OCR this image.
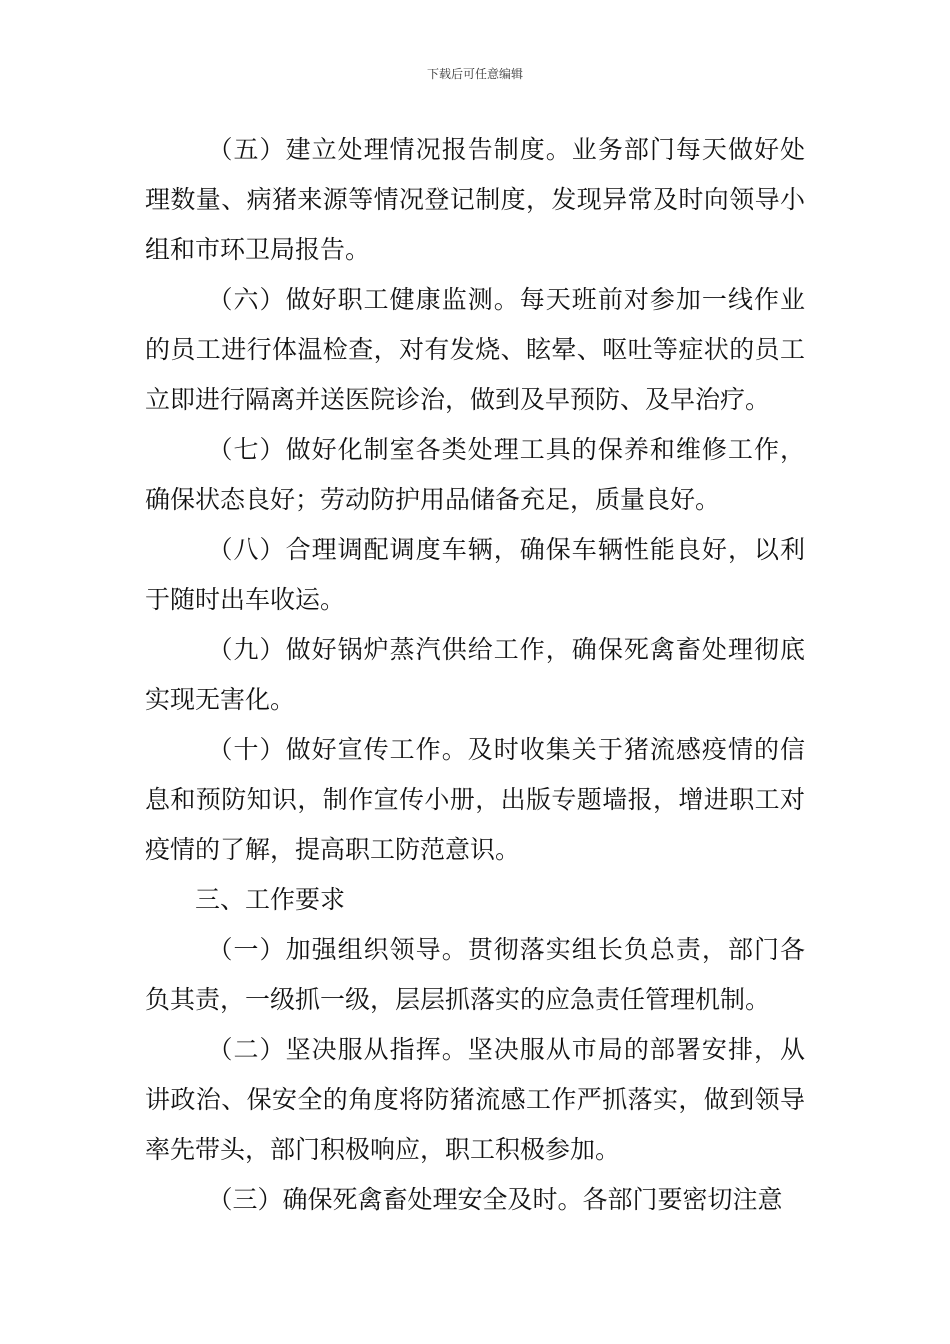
下载后可任意编辑

（五）建立处理情况报告制度。业务部门每天做好处理数量、病猪来源等情况登记制度，发现异常及时向领导小组和市环卫局报告。

（六）做好职工健康监测。每天班前对参加一线作业的员工进行体温检查，对有发烧、眩晕、呕吐等症状的员工立即进行隔离并送医院诊治，做到及早预防、及早治疗。

（七）做好化制室各类处理工具的保养和维修工作，确保状态良好；劳动防护用品储备充足，质量良好。

（八）合理调配调度车辆，确保车辆性能良好，以利于随时出车收运。

（九）做好锅炉蒸汽供给工作，确保死禽畜处理彻底实现无害化。

（十）做好宣传工作。及时收集关于猪流感疫情的信息和预防知识，制作宣传小册，出版专题墙报，增进职工对疫情的了解，提高职工防范意识。

三、工作要求

（一）加强组织领导。贯彻落实组长负总责，部门各负其责，一级抓一级，层层抓落实的应急责任管理机制。

（二）坚决服从指挥。坚决服从市局的部署安排，从讲政治、保安全的角度将防猪流感工作严抓落实，做到领导率先带头，部门积极响应，职工积极参加。

（三）确保死禽畜处理安全及时。各部门要密切注意
